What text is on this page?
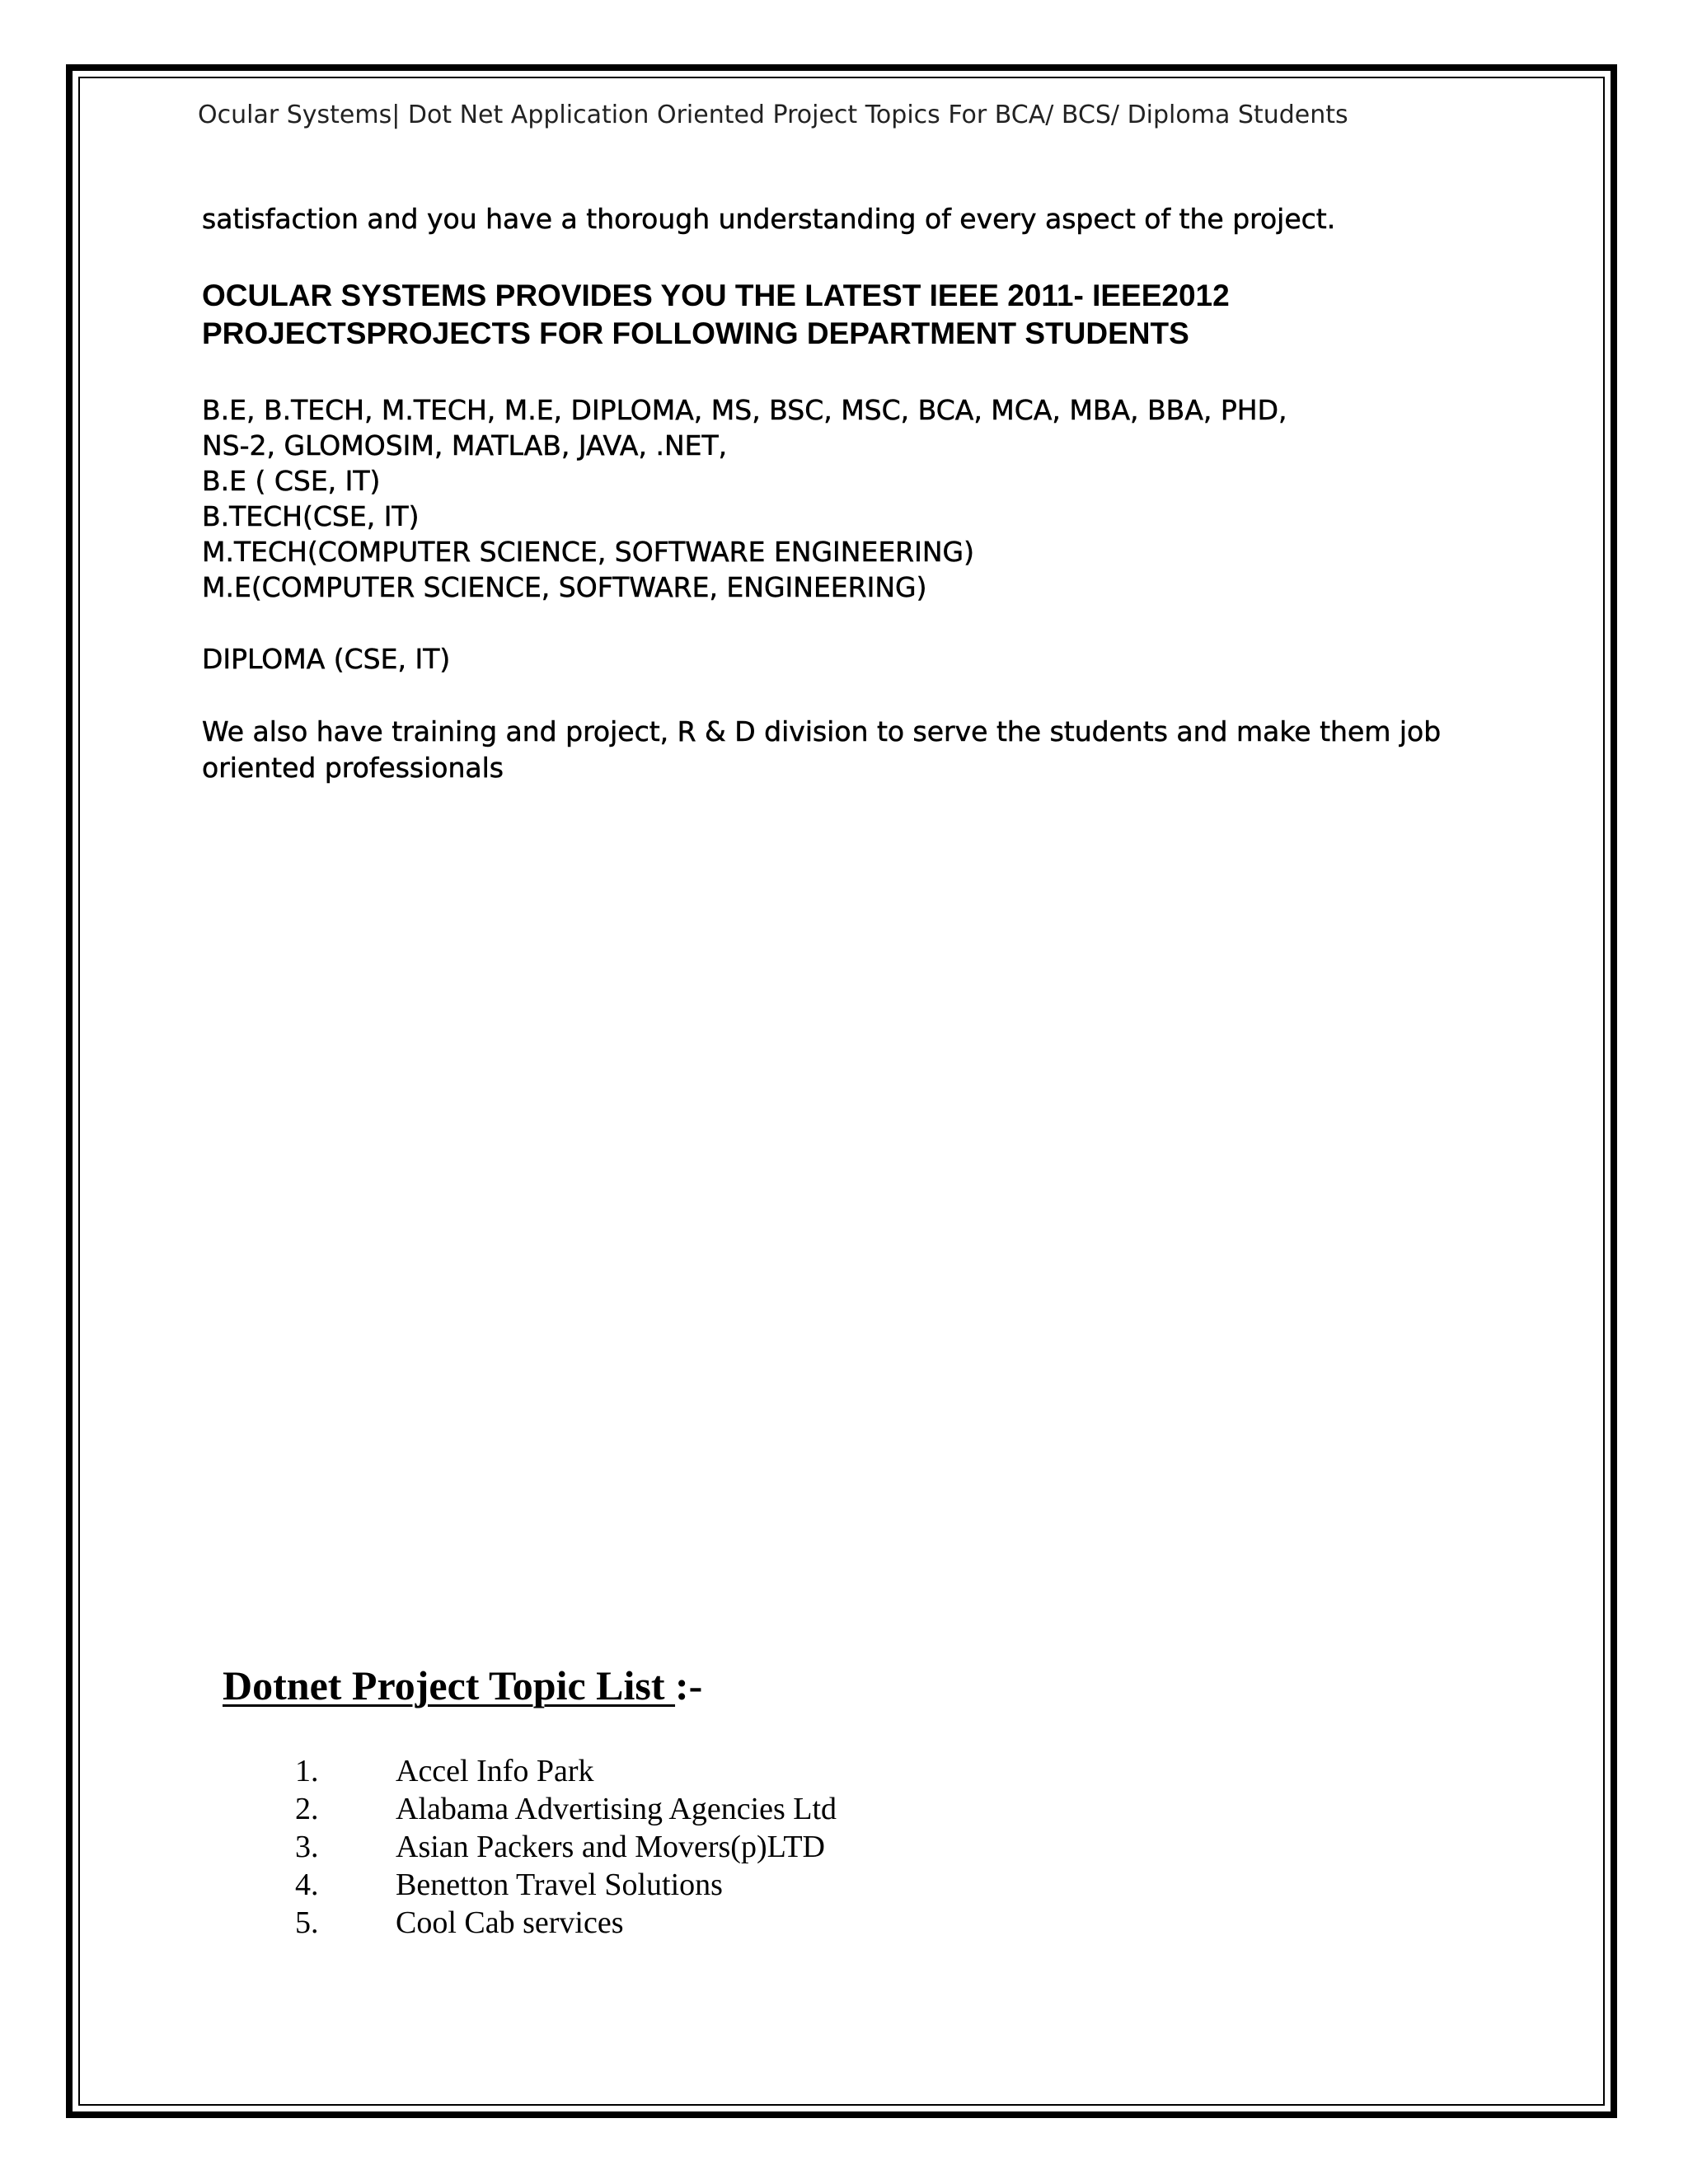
Ocular Systems| Dot Net Application Oriented Project Topics For BCA/ BCS/ Diploma Students
satisfaction and you have a thorough understanding of every aspect of the project.
OCULAR SYSTEMS PROVIDES YOU THE LATEST IEEE 2011- IEEE2012
PROJECTSPROJECTS FOR FOLLOWING DEPARTMENT STUDENTS
B.E, B.TECH, M.TECH, M.E, DIPLOMA, MS, BSC, MSC, BCA, MCA, MBA, BBA, PHD,
NS-2, GLOMOSIM, MATLAB, JAVA, .NET,
B.E ( CSE, IT)
B.TECH(CSE, IT)
M.TECH(COMPUTER SCIENCE, SOFTWARE ENGINEERING)
M.E(COMPUTER SCIENCE, SOFTWARE, ENGINEERING)
DIPLOMA (CSE, IT)
We also have training and project, R & D division to serve the students and make them job oriented professionals
Dotnet Project Topic List :-
1.	Accel Info Park
2.	Alabama Advertising Agencies Ltd
3.	Asian Packers and Movers(p)LTD
4.	Benetton Travel Solutions
5.	Cool Cab services
